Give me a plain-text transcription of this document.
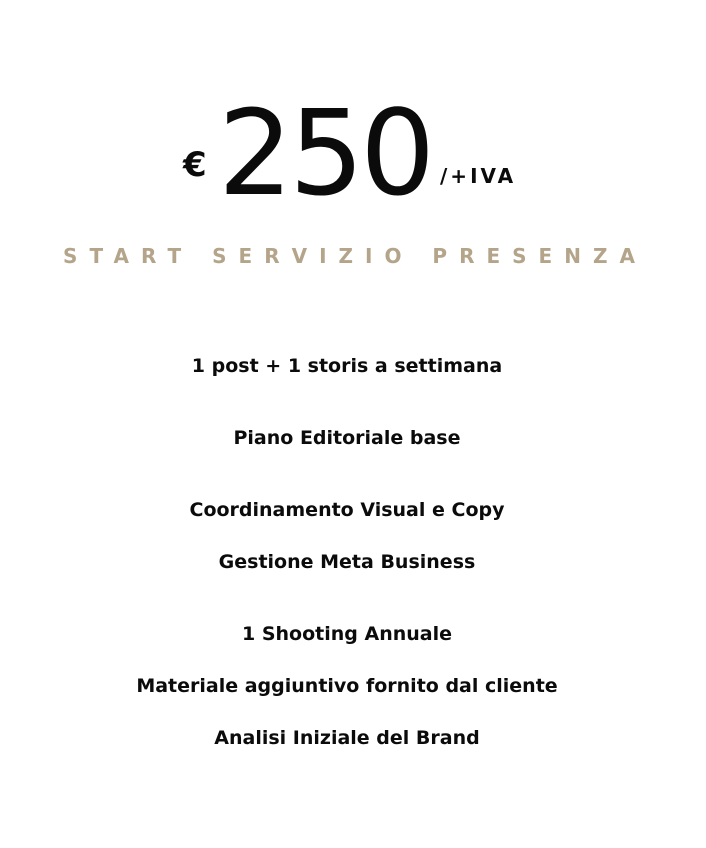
€ 250 /+IVA
START SERVIZIO PRESENZA
1 post + 1 storis a settimana
Piano Editoriale base
Coordinamento Visual e Copy
Gestione Meta Business
1 Shooting Annuale
Materiale aggiuntivo fornito dal cliente
Analisi Iniziale del Brand
